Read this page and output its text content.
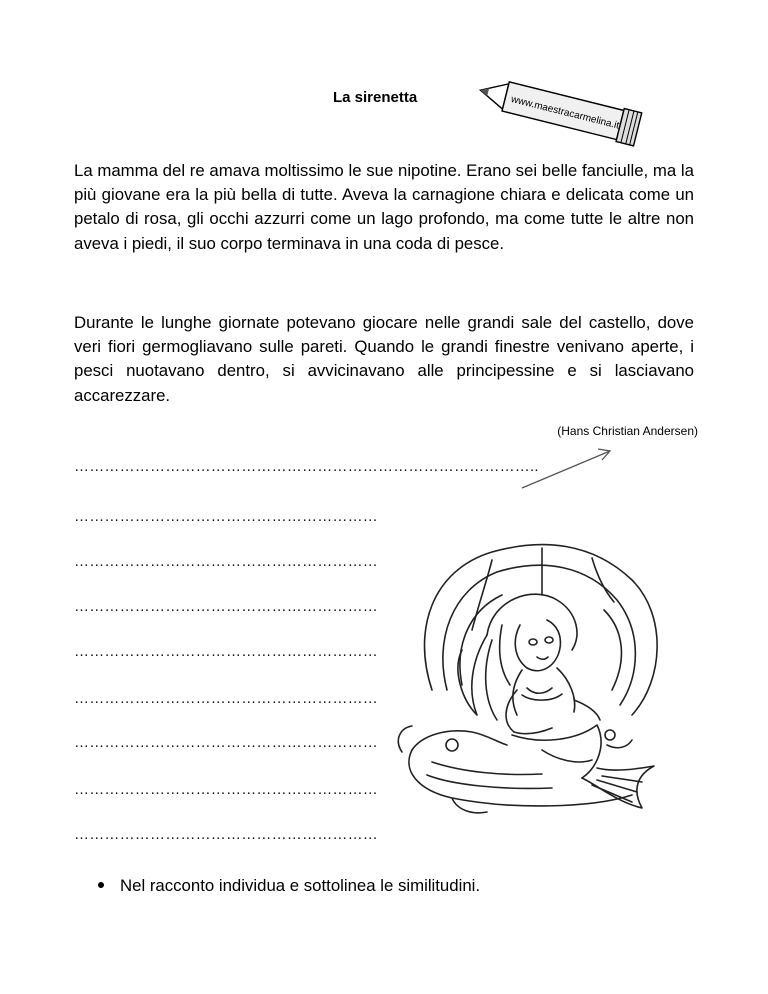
La sirenetta	www.maestracarmelina.it

La mamma del re amava moltissimo le sue nipotine. Erano sei belle fanciulle, ma la più giovane era la più bella di tutte. Aveva la carnagione chiara e delicata come un petalo di rosa, gli occhi azzurri come un lago profondo, ma come tutte le altre non aveva i piedi, il suo corpo terminava in una coda di pesce.

Durante le lunghe giornate potevano giocare nelle grandi sale del castello, dove veri fiori germogliavano sulle pareti. Quando le grandi finestre venivano aperte, i pesci nuotavano dentro, si avvicinavano alle principessine e si lasciavano accarezzare.

(Hans Christian Andersen)
………………………………………………………………………………..
……………………………………………………
……………………………………………………
……………………………………………………
……………………………………………………
……………………………………………………
……………………………………………………
……………………………………………………
……………………………………………………
Nel racconto individua e sottolinea le similitudini.
